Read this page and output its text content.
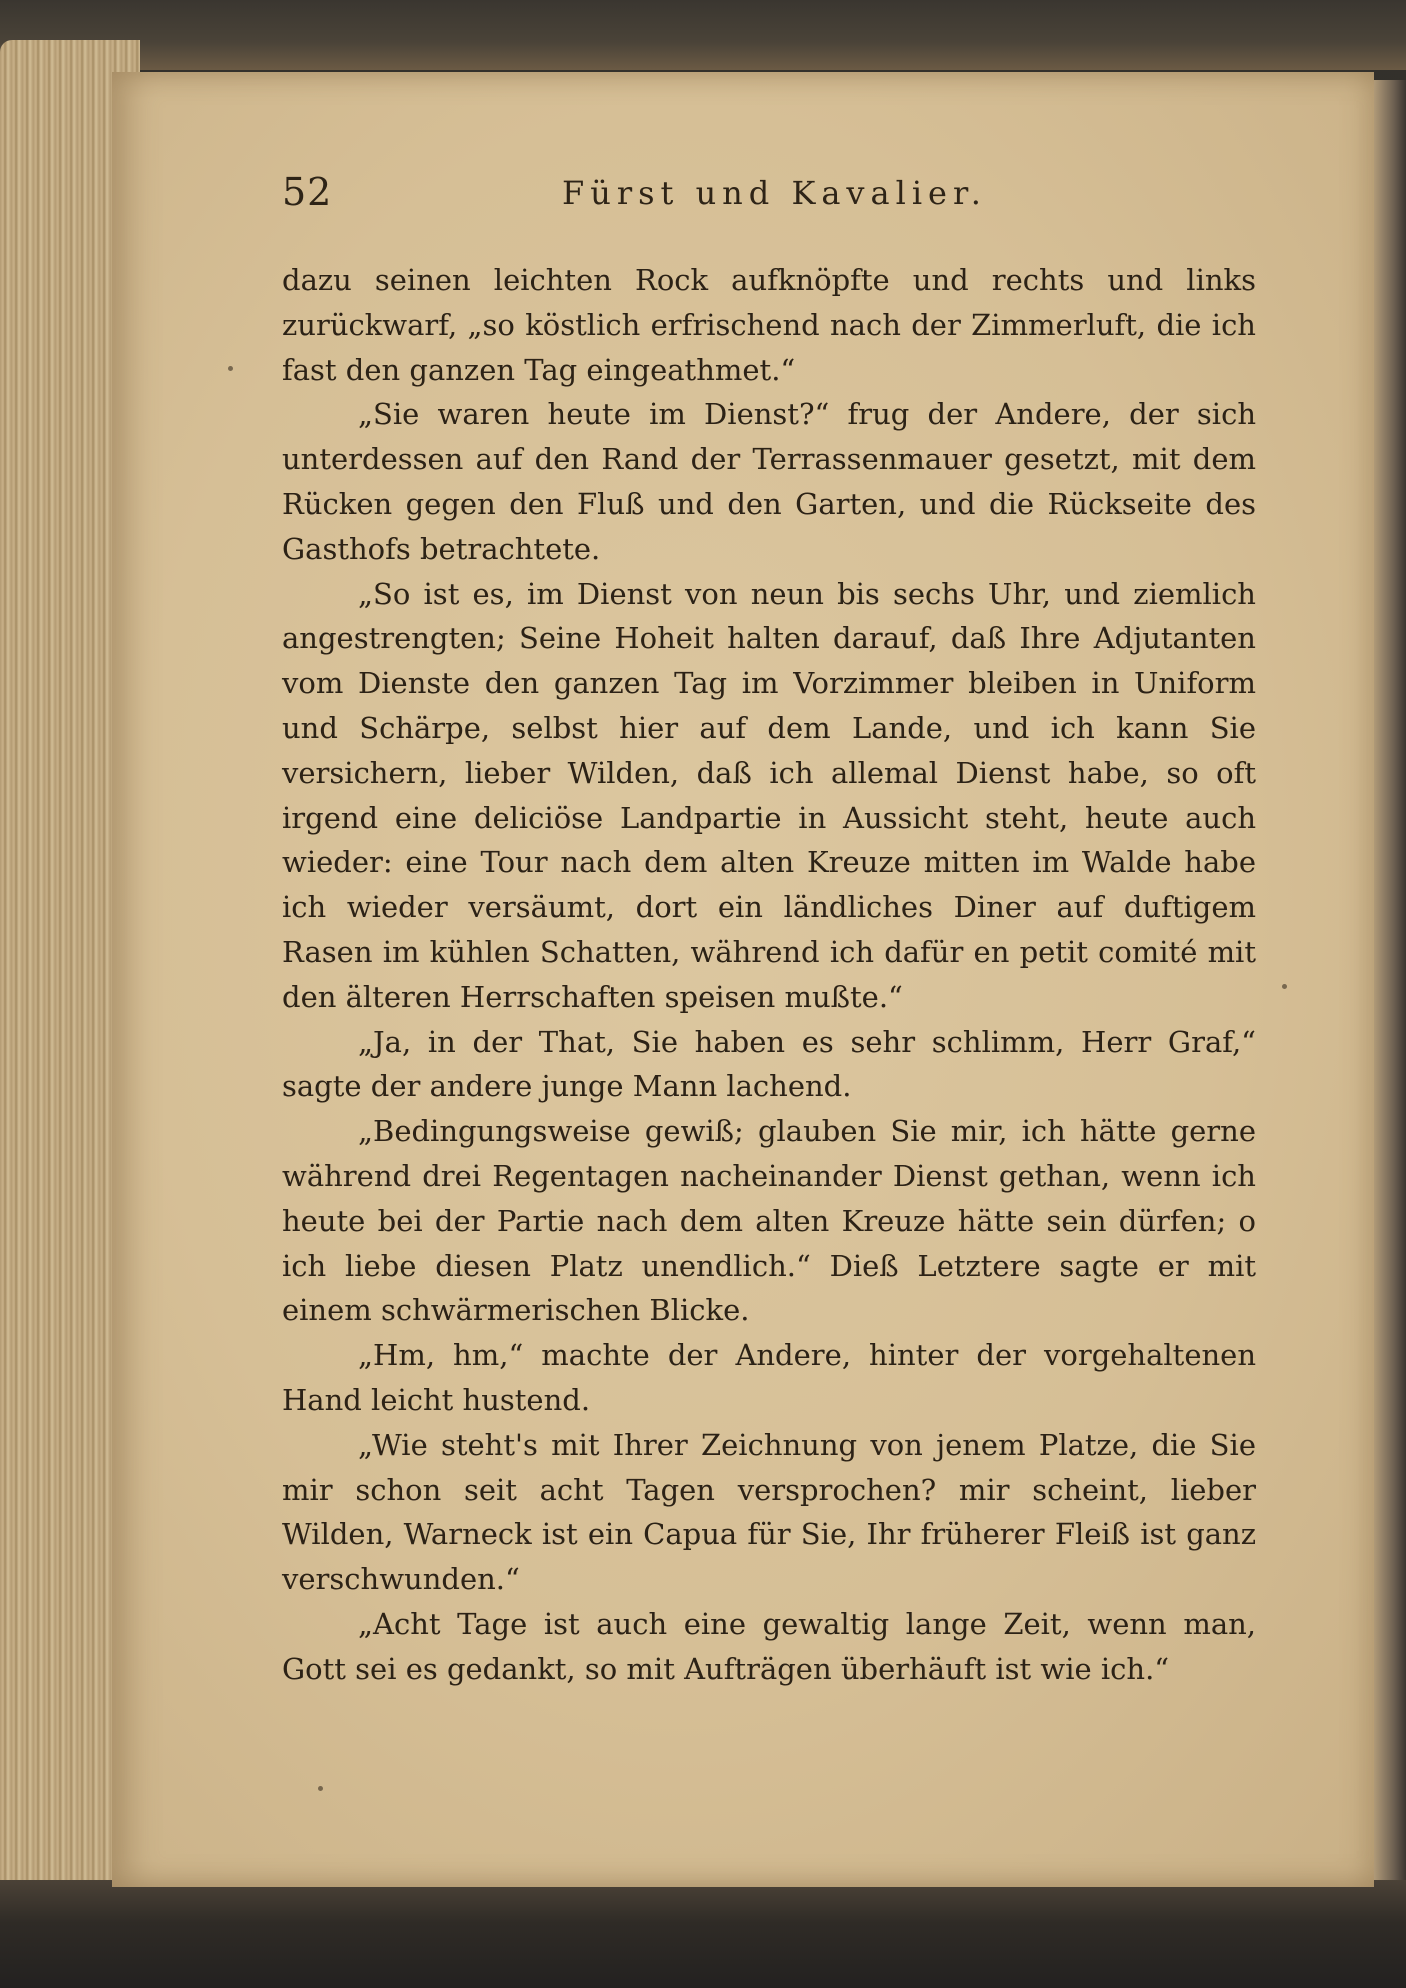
52	Fürst und Kavalier.

dazu seinen leichten Rock aufknöpfte und rechts und links zurückwarf, „so köstlich erfrischend nach der Zimmerluft, die ich fast den ganzen Tag eingeathmet.“

„Sie waren heute im Dienst?“ frug der Andere, der sich unterdessen auf den Rand der Terrassenmauer gesetzt, mit dem Rücken gegen den Fluß und den Garten, und die Rückseite des Gasthofs betrachtete.

„So ist es, im Dienst von neun bis sechs Uhr, und ziemlich angestrengten; Seine Hoheit halten darauf, daß Ihre Adjutanten vom Dienste den ganzen Tag im Vorzimmer bleiben in Uniform und Schärpe, selbst hier auf dem Lande, und ich kann Sie versichern, lieber Wilden, daß ich allemal Dienst habe, so oft irgend eine deliciöse Landpartie in Aussicht steht, heute auch wieder: eine Tour nach dem alten Kreuze mitten im Walde habe ich wieder versäumt, dort ein ländliches Diner auf duftigem Rasen im kühlen Schatten, während ich dafür en petit comité mit den älteren Herrschaften speisen mußte.“

„Ja, in der That, Sie haben es sehr schlimm, Herr Graf,“ sagte der andere junge Mann lachend.

„Bedingungsweise gewiß; glauben Sie mir, ich hätte gerne während drei Regentagen nacheinander Dienst gethan, wenn ich heute bei der Partie nach dem alten Kreuze hätte sein dürfen; o ich liebe diesen Platz unendlich.“ Dieß Letztere sagte er mit einem schwärmerischen Blicke.

„Hm, hm,“ machte der Andere, hinter der vorgehaltenen Hand leicht hustend.

„Wie steht's mit Ihrer Zeichnung von jenem Platze, die Sie mir schon seit acht Tagen versprochen? mir scheint, lieber Wilden, Warneck ist ein Capua für Sie, Ihr früherer Fleiß ist ganz verschwunden.“

„Acht Tage ist auch eine gewaltig lange Zeit, wenn man, Gott sei es gedankt, so mit Aufträgen überhäuft ist wie ich.“
